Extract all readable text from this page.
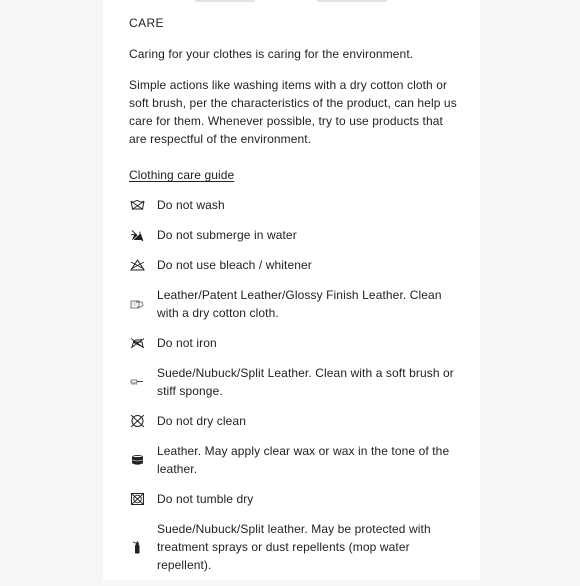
CARE

Caring for your clothes is caring for the environment.

Simple actions like washing items with a dry cotton cloth or soft brush, per the characteristics of the product, can help us care for them. Whenever possible, try to use products that are respectful of the environment.

Clothing care guide
Do not wash
Do not submerge in water
Do not use bleach / whitener
Leather/Patent Leather/Glossy Finish Leather. Clean with a dry cotton cloth.
Do not iron
Suede/Nubuck/Split Leather. Clean with a soft brush or stiff sponge.
Do not dry clean
Leather. May apply clear wax or wax in the tone of the leather.
Do not tumble dry
Suede/Nubuck/Split leather. May be protected with treatment sprays or dust repellents (mop water repellent).
